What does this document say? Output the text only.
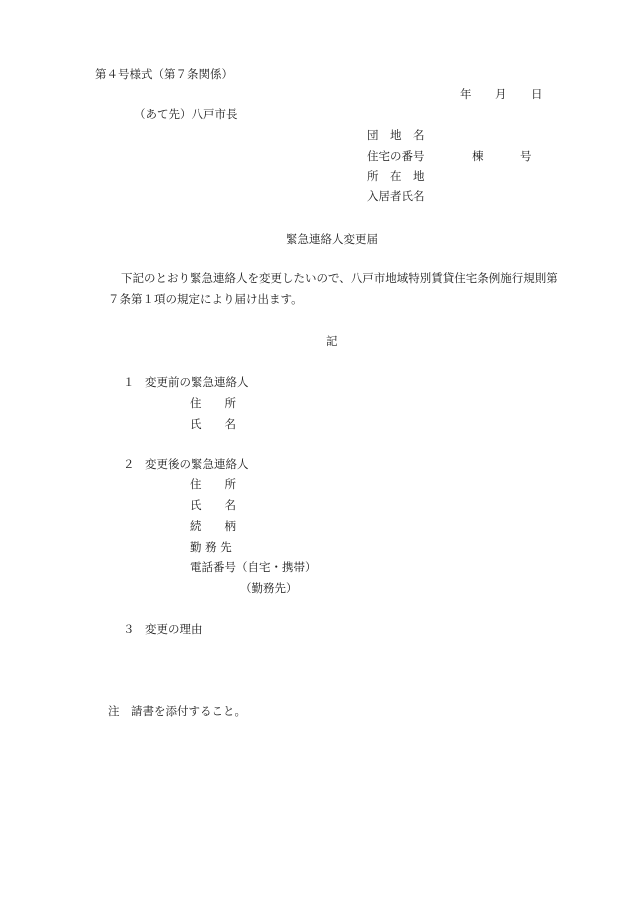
第４号様式（第７条関係）
年 月 日
（あて先）八戸市長
団　地　名
住宅の番号	棟	号
所　在　地
入居者氏名
緊急連絡人変更届
下記のとおり緊急連絡人を変更したいので、八戸市地域特別賃貸住宅条例施行規則第
７条第１項の規定により届け出ます。
記
１ 変更前の緊急連絡人
住　　所
氏　　名
２ 変更後の緊急連絡人
住　　所
氏　　名
続　　柄
勤 務 先
電話番号（自宅・携帯）
（勤務先）
３ 変更の理由
注　請書を添付すること。
